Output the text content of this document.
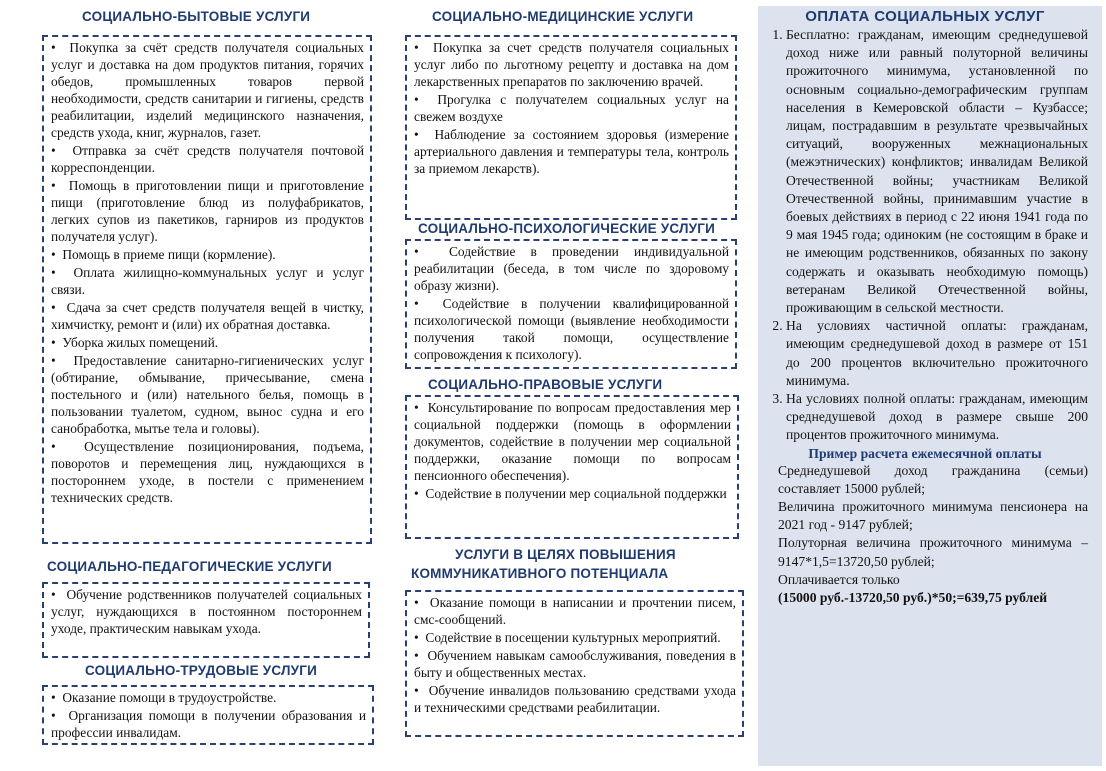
СОЦИАЛЬНО-БЫТОВЫЕ УСЛУГИ
•  Покупка за счёт средств получателя социальных услуг и доставка на дом продуктов питания, горячих обедов, промышленных товаров первой необходимости, средств санитарии и гигиены, средств реабилитации, изделий медицинского назначения, средств ухода, книг, журналов, газет.
•  Отправка за счёт средств получателя почтовой корреспонденции.
•  Помощь в приготовлении пищи и приготовление пищи (приготовление блюд из полуфабрикатов, легких супов из пакетиков, гарниров из продуктов получателя услуг).
•  Помощь в приеме пищи (кормление).
•  Оплата жилищно-коммунальных услуг и услуг связи.
•  Сдача за счет средств получателя вещей в чистку, химчистку, ремонт и (или) их обратная доставка.
•  Уборка жилых помещений.
•  Предоставление санитарно-гигиенических услуг (обтирание, обмывание, причесывание, смена постельного и (или) нательного белья, помощь в пользовании туалетом, судном, вынос судна и его санобработка, мытье тела и головы).
•  Осуществление позиционирования, подъема, поворотов и перемещения лиц, нуждающихся в постороннем уходе, в постели с применением технических средств.
СОЦИАЛЬНО-ПЕДАГОГИЧЕСКИЕ УСЛУГИ
•  Обучение родственников получателей социальных услуг, нуждающихся в постоянном постороннем уходе, практическим навыкам ухода.
СОЦИАЛЬНО-ТРУДОВЫЕ УСЛУГИ
•  Оказание помощи в трудоустройстве.
•  Организация помощи в получении образования и профессии инвалидам.
СОЦИАЛЬНО-МЕДИЦИНСКИЕ УСЛУГИ
•  Покупка за счет средств получателя социальных услуг либо по льготному рецепту и доставка на дом лекарственных препаратов по заключению врачей.
•  Прогулка с получателем социальных услуг на свежем воздухе
•  Наблюдение за состоянием здоровья (измерение артериального давления и температуры тела, контроль за приемом лекарств).
СОЦИАЛЬНО-ПСИХОЛОГИЧЕСКИЕ УСЛУГИ
•  Содействие в проведении индивидуальной реабилитации (беседа, в том числе по здоровому образу жизни).
•  Содействие в получении квалифицированной психологической помощи (выявление необходимости получения такой помощи, осуществление сопровождения к психологу).
СОЦИАЛЬНО-ПРАВОВЫЕ УСЛУГИ
•  Консультирование по вопросам предоставления мер социальной поддержки (помощь в оформлении документов, содействие в получении мер социальной поддержки, оказание помощи по вопросам пенсионного обеспечения).
•  Содействие в получении мер социальной поддержки
УСЛУГИ В ЦЕЛЯХ ПОВЫШЕНИЯ
КОММУНИКАТИВНОГО ПОТЕНЦИАЛА
•  Оказание помощи в написании и прочтении писем, смс-сообщений.
•  Содействие в посещении культурных мероприятий.
•  Обучением навыкам самообслуживания, поведения в быту и общественных местах.
•  Обучение инвалидов пользованию средствами ухода и техническими средствами реабилитации.
ОПЛАТА СОЦИАЛЬНЫХ УСЛУГ
1. Бесплатно: гражданам, имеющим среднедушевой доход ниже или равный полуторной величины прожиточного минимума, установленной по основным социально-демографическим группам населения в Кемеровской области – Кузбассе; лицам, пострадавшим в результате чрезвычайных ситуаций, вооруженных межнациональных (межэтнических) конфликтов; инвалидам Великой Отечественной войны; участникам Великой Отечественной войны, принимавшим участие в боевых действиях в период с 22 июня 1941 года по 9 мая 1945 года; одиноким (не состоящим в браке и не имеющим родственников, обязанных по закону содержать и оказывать необходимую помощь) ветеранам Великой Отечественной войны, проживающим в сельской местности.
2. На условиях частичной оплаты: гражданам, имеющим среднедушевой доход в размере от 151 до 200 процентов включительно прожиточного минимума.
3. На условиях полной оплаты: гражданам, имеющим среднедушевой доход в размере свыше 200 процентов прожиточного минимума.
Пример расчета ежемесячной оплаты

Среднедушевой доход гражданина (семьи) составляет 15000 рублей;

Величина прожиточного минимума пенсионера на 2021 год - 9147 рублей;

Полуторная величина прожиточного минимума – 9147*1,5=13720,50 рублей;

Оплачивается только

(15000 руб.-13720,50 руб.)*50;=639,75 рублей
